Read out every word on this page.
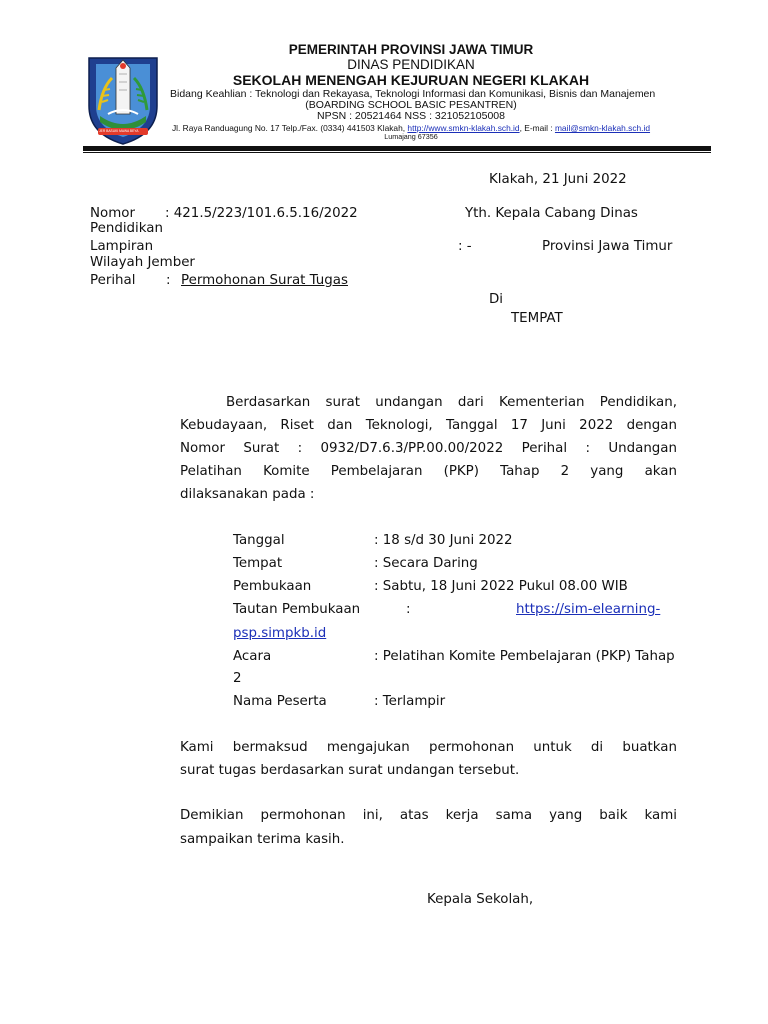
JER BASUKI MAWA BEYA
PEMERINTAH PROVINSI JAWA TIMUR
DINAS PENDIDIKAN
SEKOLAH MENENGAH KEJURUAN NEGERI KLAKAH
Bidang Keahlian : Teknologi dan Rekayasa, Teknologi Informasi dan Komunikasi, Bisnis dan Manajemen
(BOARDING SCHOOL BASIC PESANTREN)
NPSN : 20521464 NSS : 321052105008
Jl. Raya Randuagung No. 17 Telp./Fax. (0334) 441503 Klakah, http://www.smkn-klakah.sch.id, E-mail : mail@smkn-klakah.sch.id
Lumajang 67356
Klakah, 21 Juni 2022
Nomor : 421.5/223/101.6.5.16/2022	Yth. Kepala Cabang Dinas
Pendidikan
Lampiran	: -	Provinsi Jawa Timur
Wilayah Jember
Perihal : Permohonan Surat Tugas
Di
TEMPAT
Berdasarkan surat undangan dari Kementerian Pendidikan,
Kebudayaan, Riset dan Teknologi, Tanggal 17 Juni 2022 dengan
Nomor Surat : 0932/D7.6.3/PP.00.00/2022 Perihal : Undangan
Pelatihan Komite Pembelajaran (PKP) Tahap 2 yang akan
dilaksanakan pada :
Tanggal	: 18 s/d 30 Juni 2022
Tempat	: Secara Daring
Pembukaan	: Sabtu, 18 Juni 2022 Pukul 08.00 WIB
Tautan Pembukaan	:	https://sim-elearning-
psp.simpkb.id
Acara	: Pelatihan Komite Pembelajaran (PKP) Tahap
2
Nama Peserta	: Terlampir
Kami bermaksud mengajukan permohonan untuk di buatkan
surat tugas berdasarkan surat undangan tersebut.
Demikian permohonan ini, atas kerja sama yang baik kami
sampaikan terima kasih.
Kepala Sekolah,
